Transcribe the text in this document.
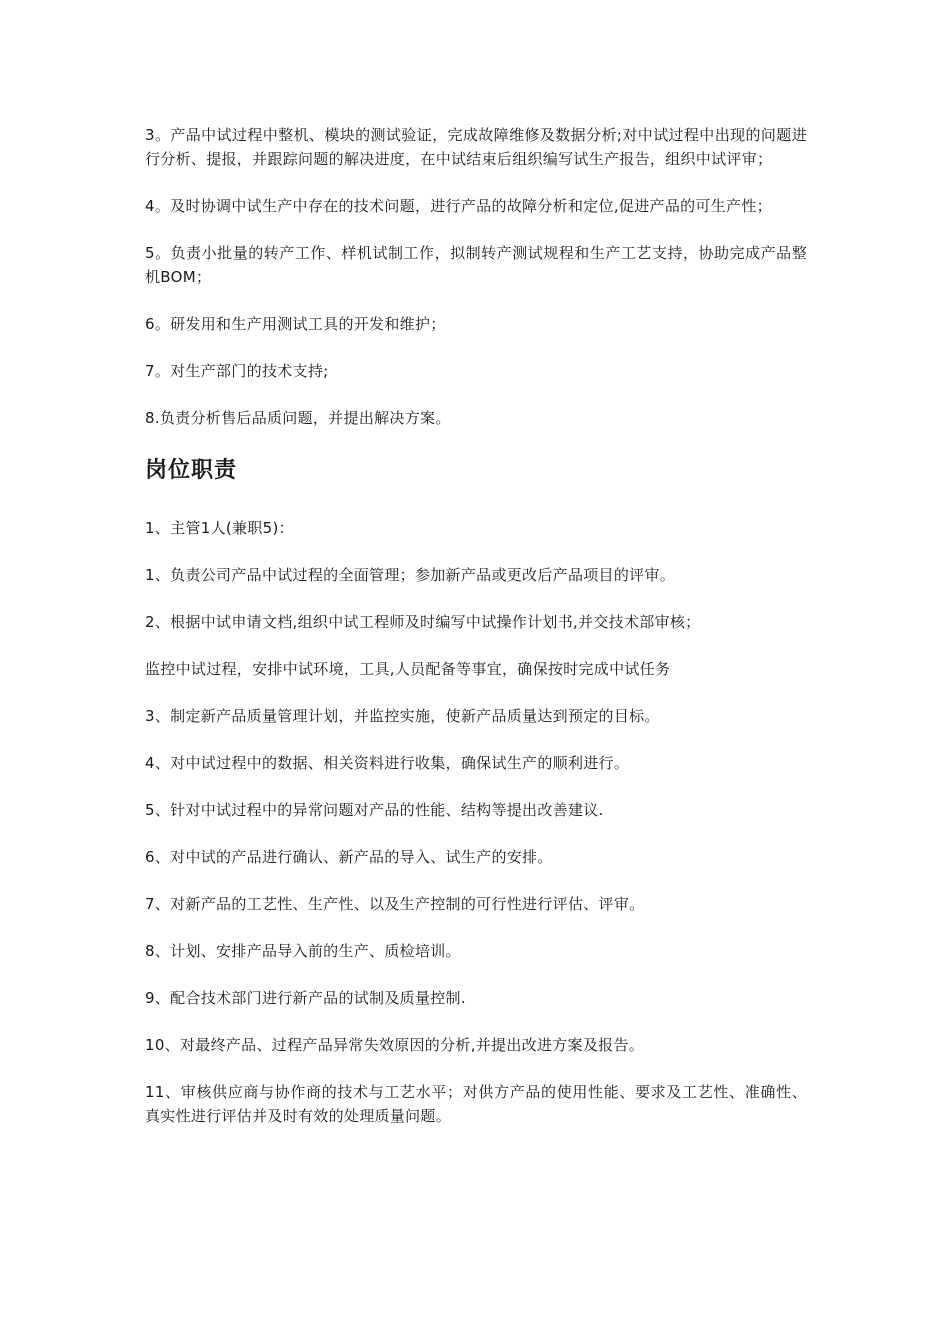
3。产品中试过程中整机、模块的测试验证，完成故障维修及数据分析;对中试过程中出现的问题进行分析、提报，并跟踪问题的解决进度，在中试结束后组织编写试生产报告，组织中试评审；

4。及时协调中试生产中存在的技术问题，进行产品的故障分析和定位,促进产品的可生产性；

5。负责小批量的转产工作、样机试制工作，拟制转产测试规程和生产工艺支持，协助完成产品整机BOM；

6。研发用和生产用测试工具的开发和维护；

7。对生产部门的技术支持;

8.负责分析售后品质问题，并提出解决方案。

岗位职责

1、主管1人(兼职5)：

1、负责公司产品中试过程的全面管理；参加新产品或更改后产品项目的评审。

2、根据中试申请文档,组织中试工程师及时编写中试操作计划书,并交技术部审核；

监控中试过程，安排中试环境，工具,人员配备等事宜，确保按时完成中试任务

3、制定新产品质量管理计划，并监控实施，使新产品质量达到预定的目标。

4、对中试过程中的数据、相关资料进行收集，确保试生产的顺利进行。

5、针对中试过程中的异常问题对产品的性能、结构等提出改善建议.

6、对中试的产品进行确认、新产品的导入、试生产的安排。

7、对新产品的工艺性、生产性、以及生产控制的可行性进行评估、评审。

8、计划、安排产品导入前的生产、质检培训。

9、配合技术部门进行新产品的试制及质量控制.

10、对最终产品、过程产品异常失效原因的分析,并提出改进方案及报告。

11、审核供应商与协作商的技术与工艺水平；对供方产品的使用性能、要求及工艺性、准确性、真实性进行评估并及时有效的处理质量问题。
